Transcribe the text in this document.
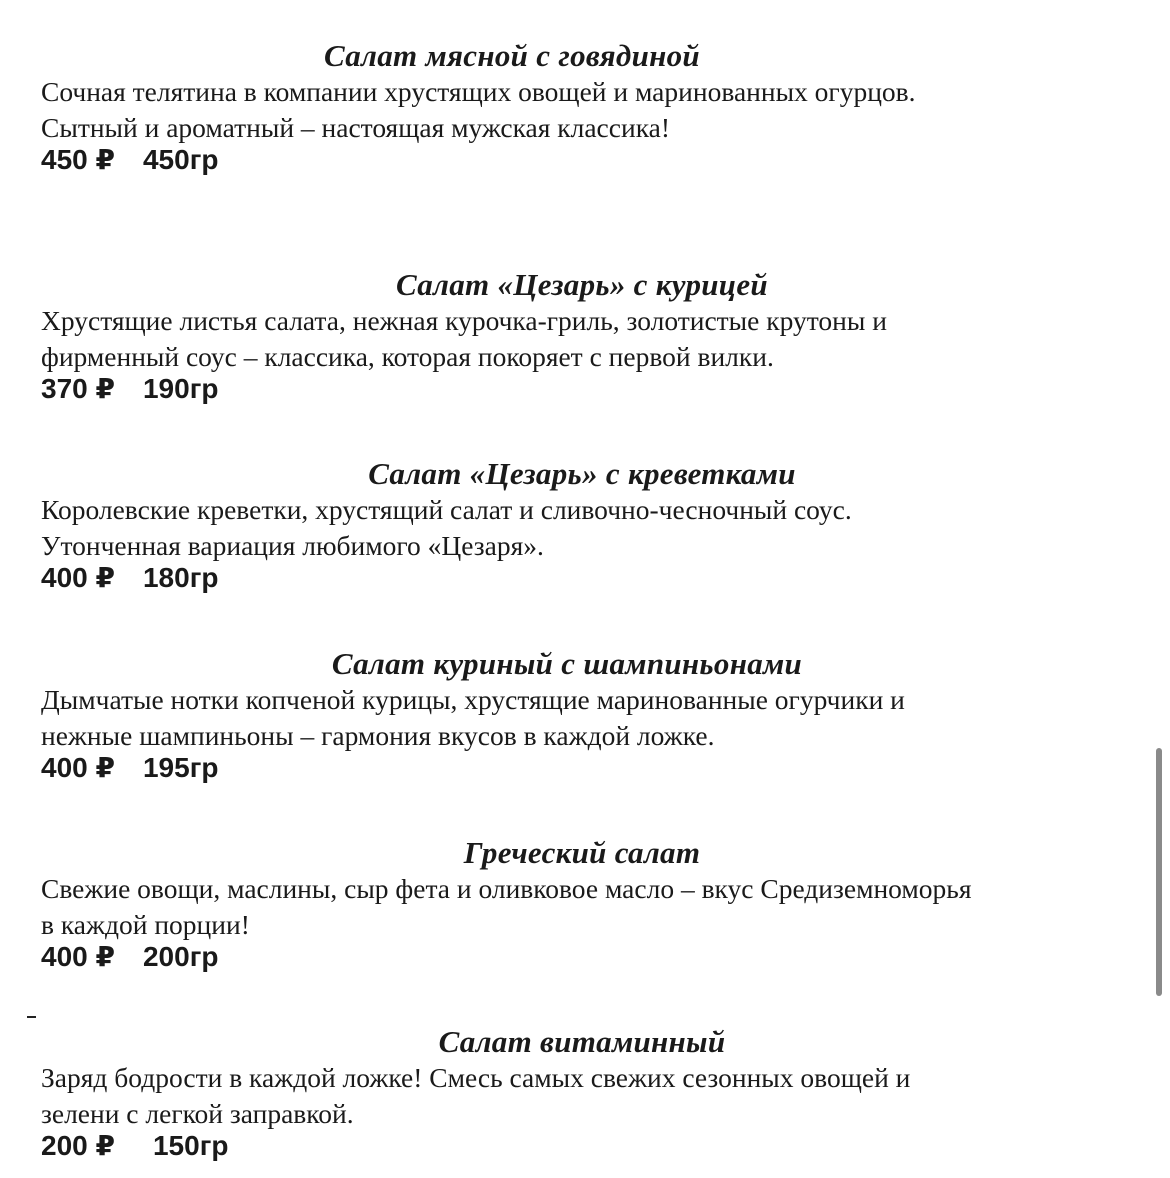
Салат мясной с говядиной
Сочная телятина в компании хрустящих овощей и маринованных огурцов.
Сытный и ароматный – настоящая мужская классика!
450 ₽ 450гр
Салат «Цезарь» с курицей
Хрустящие листья салата, нежная курочка-гриль, золотистые крутоны и
фирменный соус – классика, которая покоряет с первой вилки.
370 ₽ 190гр
Салат «Цезарь» с креветками
Королевские креветки, хрустящий салат и сливочно-чесночный соус.
Утонченная вариация любимого «Цезаря».
400 ₽ 180гр
Салат куриный с шампиньонами
Дымчатые нотки копченой курицы, хрустящие маринованные огурчики и
нежные шампиньоны – гармония вкусов в каждой ложке.
400 ₽ 195гр
Греческий салат
Свежие овощи, маслины, сыр фета и оливковое масло – вкус Средиземноморья
в каждой порции!
400 ₽ 200гр
Салат витаминный
Заряд бодрости в каждой ложке! Смесь самых свежих сезонных овощей и
зелени с легкой заправкой.
200 ₽ 150гр
